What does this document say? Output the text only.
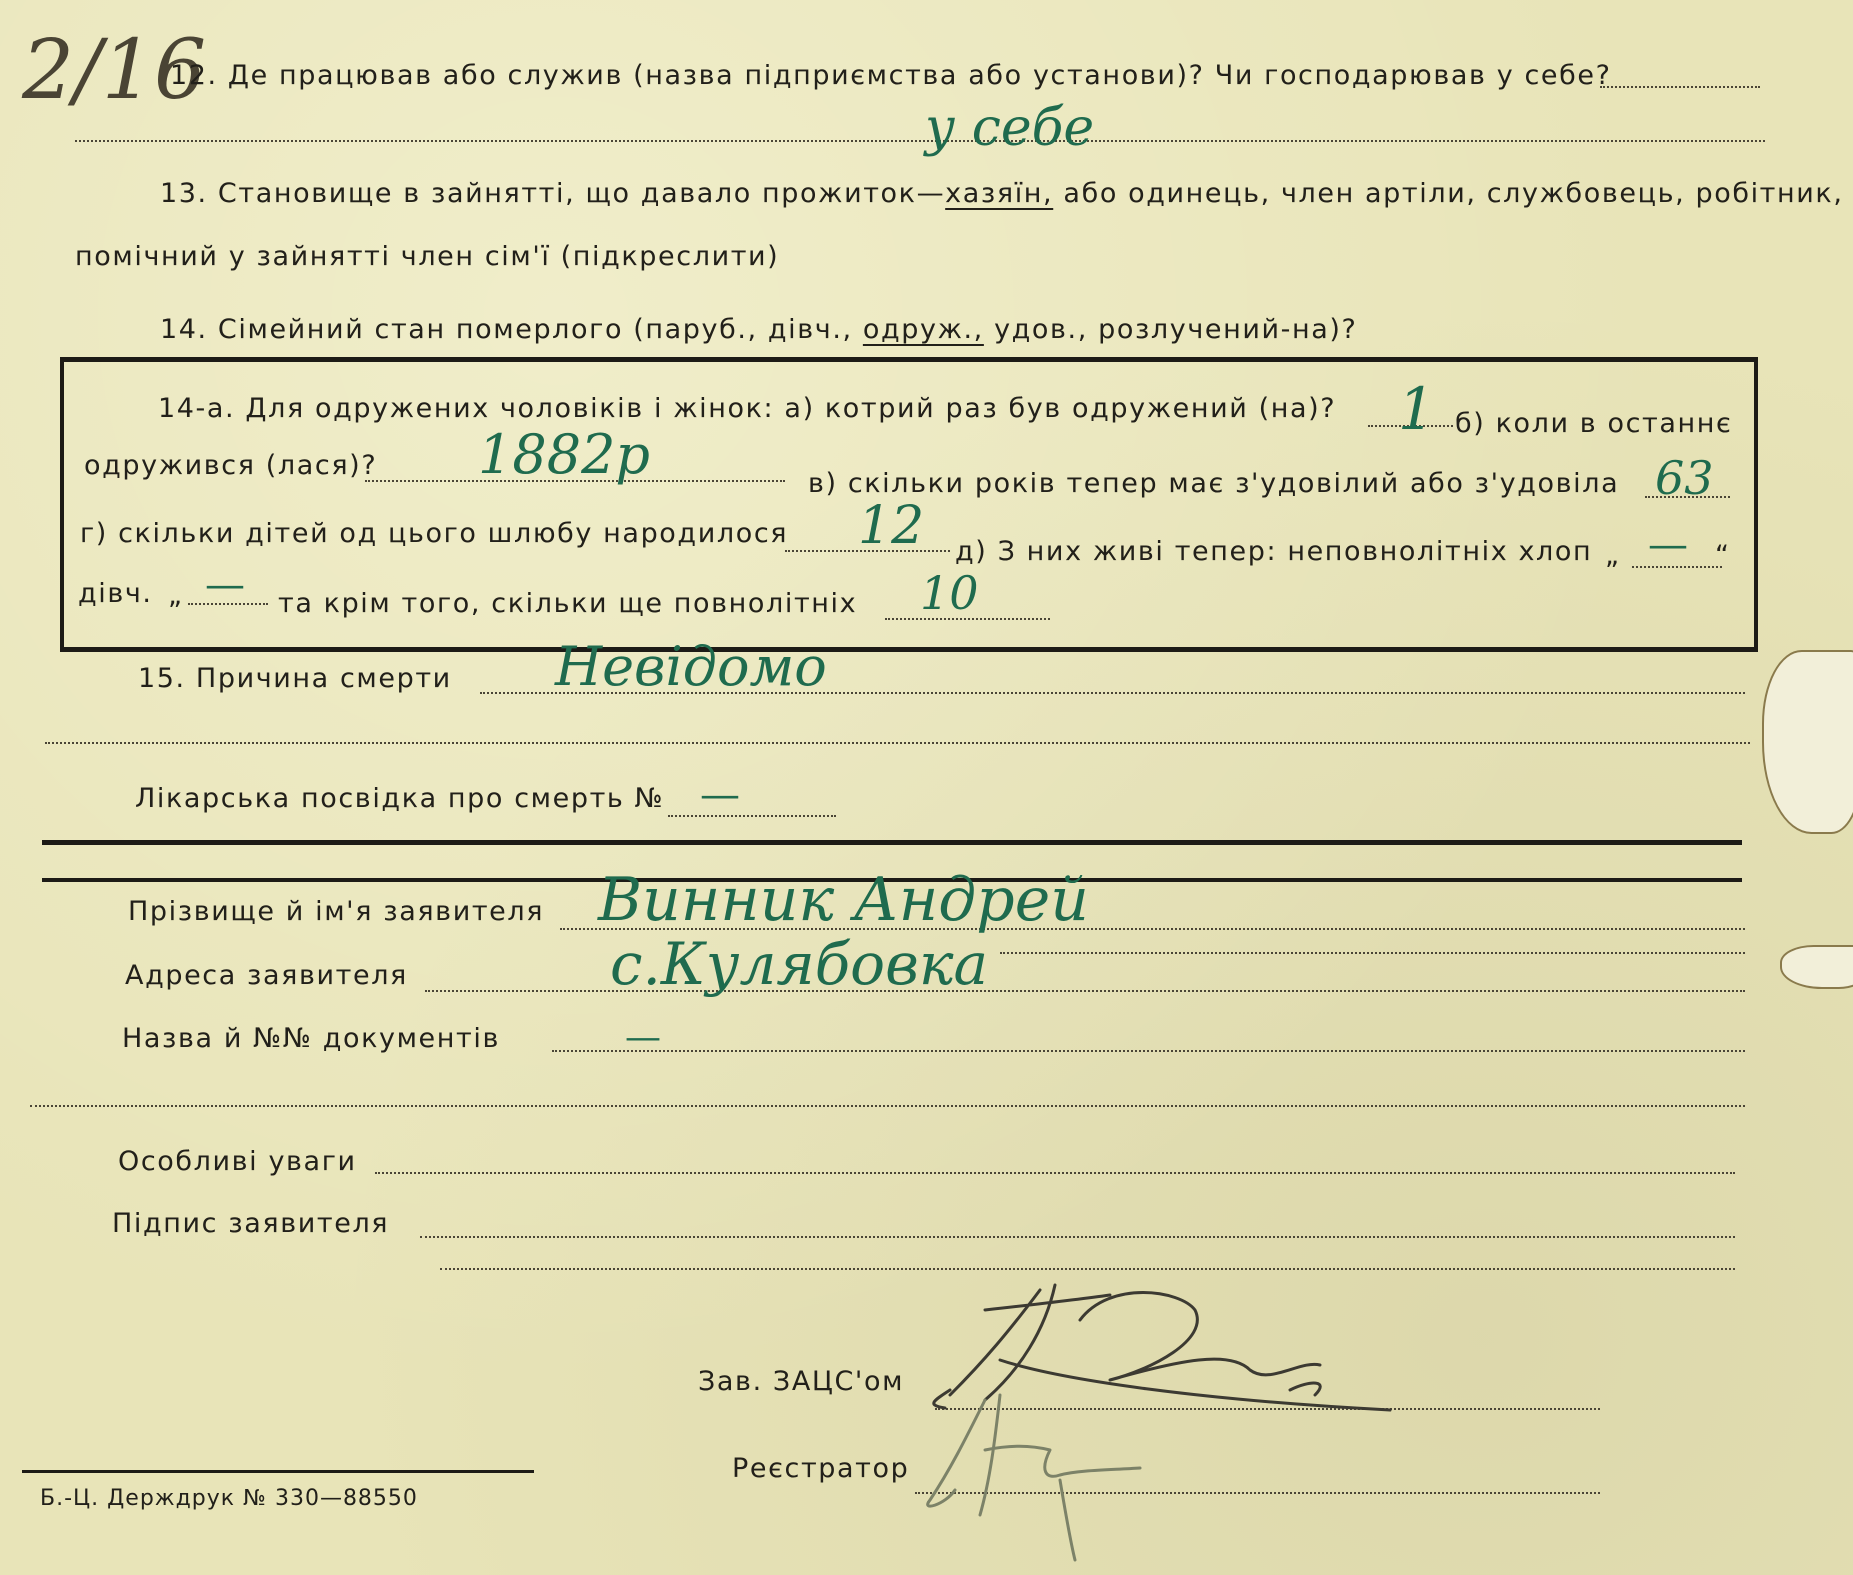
2/16
12. Де працював або служив (назва підприємства або установи)? Чи господарював у себе?
у себе
13. Становище в зайнятті, що давало прожиток—хазяїн, або одинець, член артіли, службовець, робітник,
помічний у зайнятті член сім'ї (підкреслити)
14. Сімейний стан померлого (паруб., дівч., одруж., удов., розлучений-на)?
14-а. Для одружених чоловіків і жінок: а) котрий раз був одружений (на)? 1 б) коли в останнє
одружився (лася)? 1882р	в) скільки років тепер має з'удовілий або з'удовіла 63
г) скільки дітей од цього шлюбу народилося 12 д) З них живі тепер: неповнолітніх хлоп „ — “
дівч. „ — та крім того, скільки ще повнолітніх 10
15. Причина смерти Невідомо
Лікарська посвідка про смерть № —
Прізвище й ім'я заявителя Винник Андрей
Адреса заявителя	с.Кулябовка
Назва й №№ документів	—
Особливі уваги
Підпис заявителя
Зав. ЗАЦС'ом
Реєстратор
Б.-Ц. Держдрук № 330—88550
